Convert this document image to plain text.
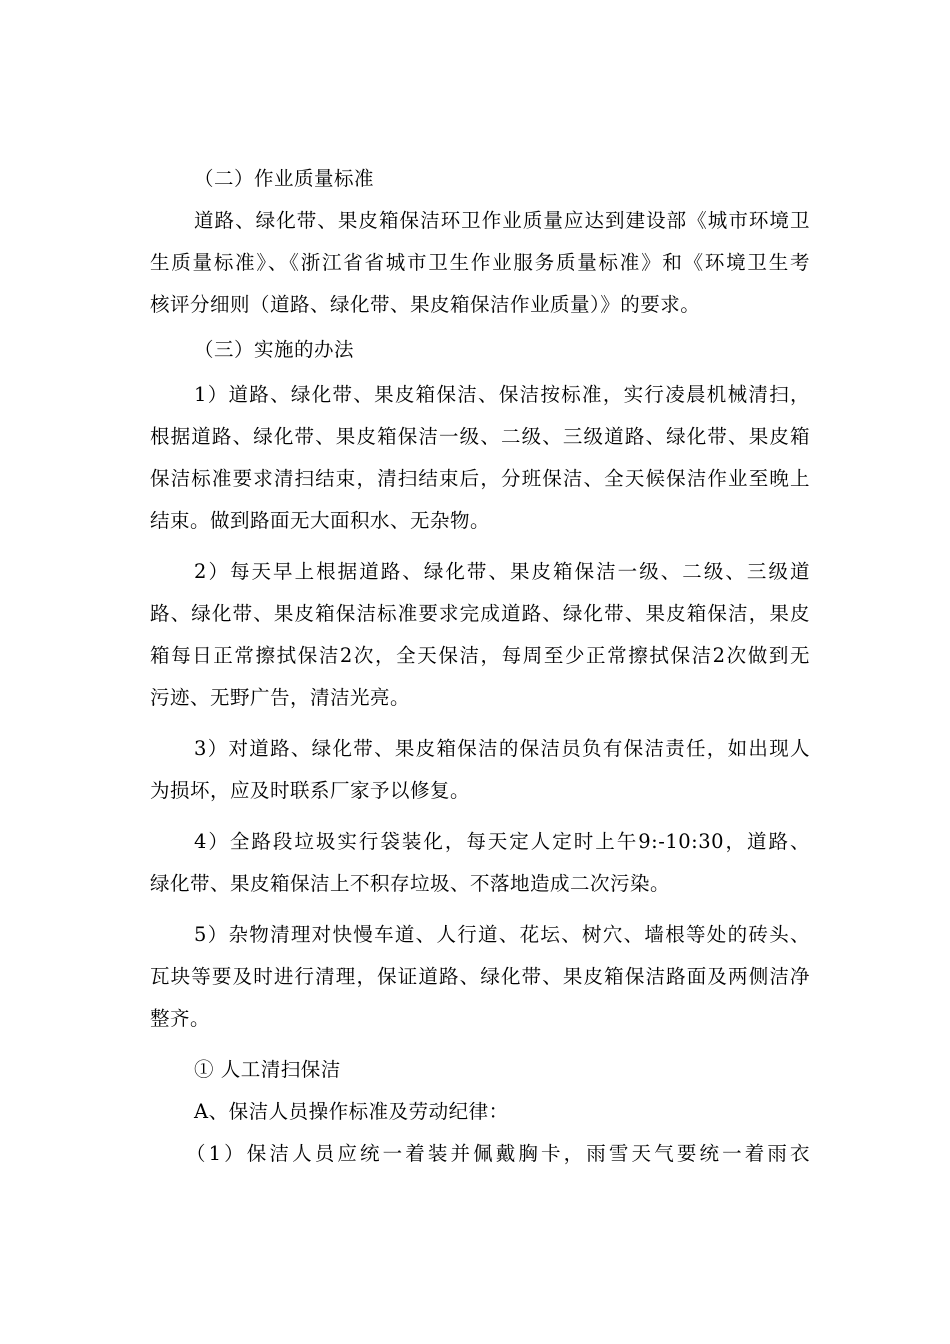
（二）作业质量标准
道路、绿化带、果皮箱保洁环卫作业质量应达到建设部《城市环境卫
生质量标准》、《浙江省省城市卫生作业服务质量标准》和《环境卫生考
核评分细则（道路、绿化带、果皮箱保洁作业质量）》的要求。
（三）实施的办法
1）道路、绿化带、果皮箱保洁、保洁按标准，实行凌晨机械清扫，
根据道路、绿化带、果皮箱保洁一级、二级、三级道路、绿化带、果皮箱
保洁标准要求清扫结束，清扫结束后，分班保洁、全天候保洁作业至晚上
结束。做到路面无大面积水、无杂物。
2）每天早上根据道路、绿化带、果皮箱保洁一级、二级、三级道
路、绿化带、果皮箱保洁标准要求完成道路、绿化带、果皮箱保洁，果皮
箱每日正常擦拭保洁2次，全天保洁，每周至少正常擦拭保洁2次做到无
污迹、无野广告，清洁光亮。
3）对道路、绿化带、果皮箱保洁的保洁员负有保洁责任，如出现人
为损坏，应及时联系厂家予以修复。
4）全路段垃圾实行袋装化，每天定人定时上午9:-10:30，道路、
绿化带、果皮箱保洁上不积存垃圾、不落地造成二次污染。
5）杂物清理对快慢车道、人行道、花坛、树穴、墙根等处的砖头、
瓦块等要及时进行清理，保证道路、绿化带、果皮箱保洁路面及两侧洁净
整齐。
① 人工清扫保洁
A、保洁人员操作标准及劳动纪律：
（1）保洁人员应统一着装并佩戴胸卡，雨雪天气要统一着雨衣
